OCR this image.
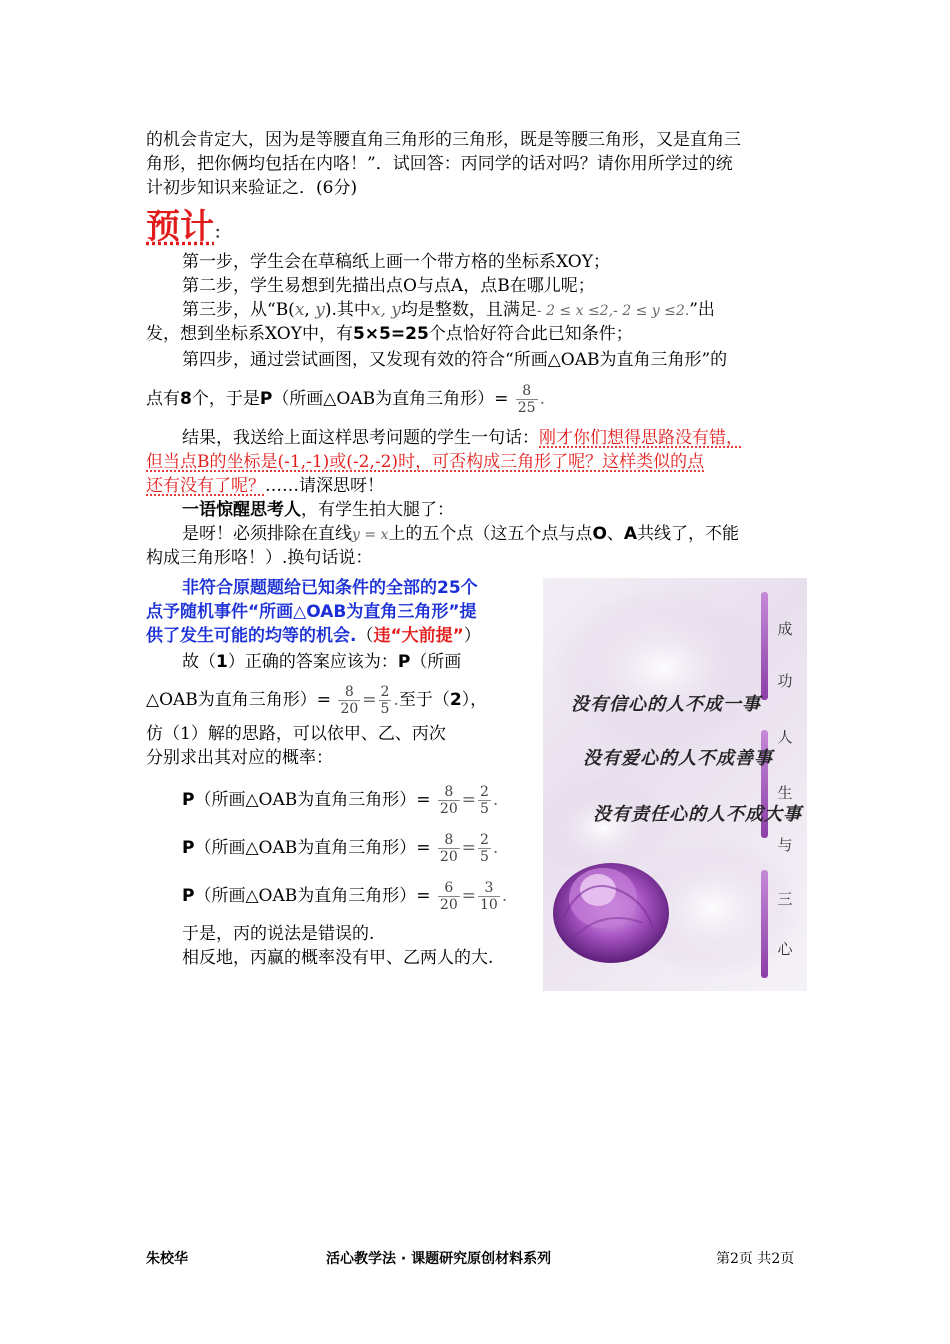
的机会肯定大，因为是等腰直角三角形的三角形，既是等腰三角形，又是直角三
角形，把你俩均包括在内咯！”．试回答：丙同学的话对吗？请你用所学过的统
计初步知识来验证之．(6分)
预计：
第一步，学生会在草稿纸上画一个带方格的坐标系XOY；
第二步，学生易想到先描出点O与点A，点B在哪儿呢；
第三步，从“B(x, y).其中x, y均是整数，且满足- 2 ≤ x ≤2,- 2 ≤ y ≤2.”出
发，想到坐标系XOY中，有5×5=25个点恰好符合此已知条件；
第四步，通过尝试画图，又发现有效的符合“所画△OAB为直角三角形”的
点有8个，于是P（所画△OAB为直角三角形）= $\frac{8}{25}$ .
结果，我送给上面这样思考问题的学生一句话：刚才你们想得思路没有错，
但当点B的坐标是(-1,-1)或(-2,-2)时，可否构成三角形了呢？这样类似的点
还有没有了呢？……请深思呀！
一语惊醒思考人，有学生拍大腿了：
是呀！必须排除在直线y = x上的五个点（这五个点与点O、A共线了，不能
构成三角形咯！）.换句话说：
非符合原题题给已知条件的全部的25个
点予随机事件“所画△OAB为直角三角形”提
供了发生可能的均等的机会.（违“大前提”）
故（1）正确的答案应该为：P（所画
△OAB为直角三角形）= $\frac{8}{20} = \frac{2}{5}$ .至于（2），
仿（1）解的思路，可以依甲、乙、丙次
分别求出其对应的概率：
P（所画△OAB为直角三角形）= $\frac{8}{20} = \frac{2}{5}$ .
P（所画△OAB为直角三角形）= $\frac{8}{20} = \frac{2}{5}$ .
P（所画△OAB为直角三角形）= $\frac{6}{20} = \frac{3}{10}$ .
于是，丙的说法是错误的.
相反地，丙赢的概率没有甲、乙两人的大.
成
功
人
生
与
三
心
没有信心的人不成一事
没有爱心的人不成善事
没有责任心的人不成大事
朱校华	活心教学法 · 课题研究原创材料系列	第2页 共2页
